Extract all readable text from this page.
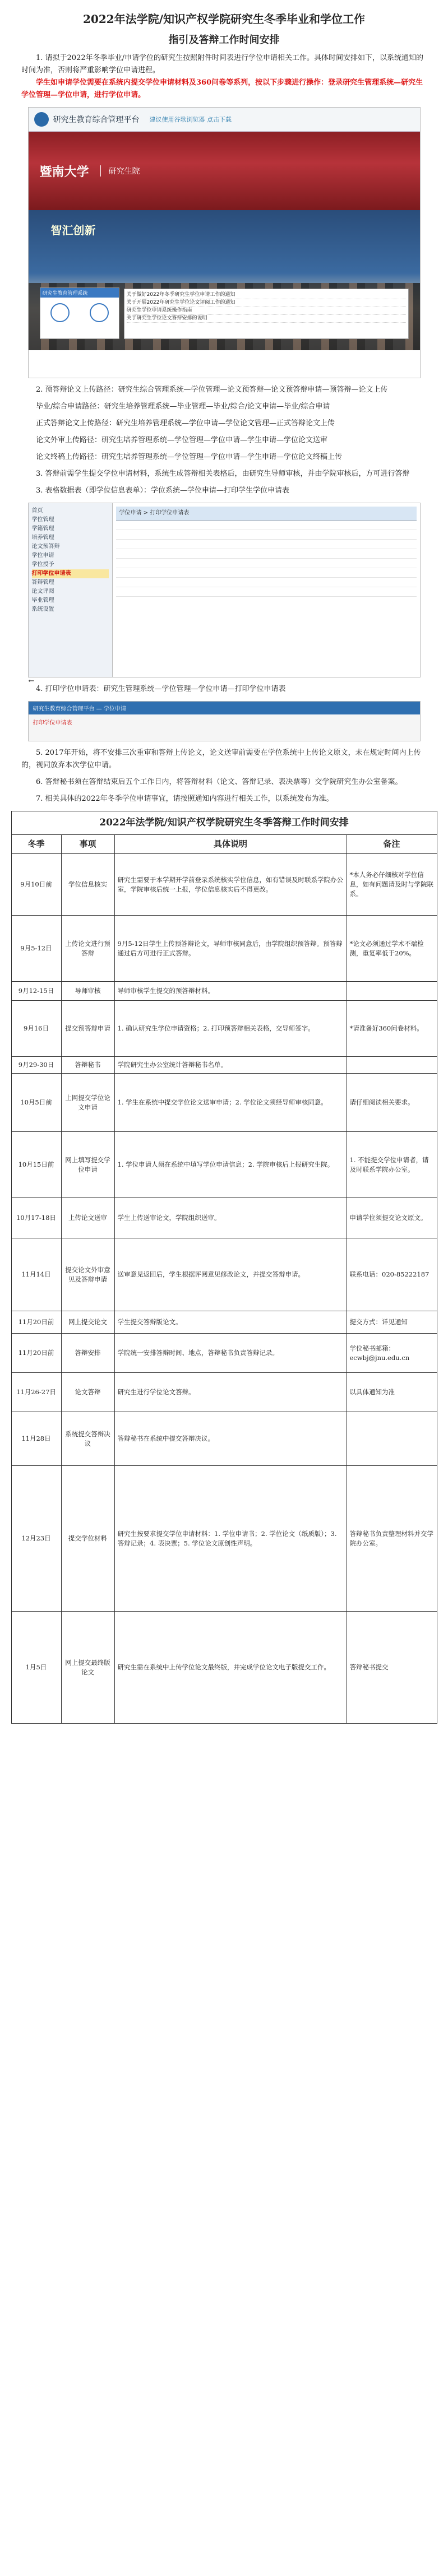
2022年法学院/知识产权学院研究生冬季毕业和学位工作
指引及答辩工作时间安排

1. 请拟于2022年冬季毕业/申请学位的研究生按照附件时间表进行学位申请相关工作。具体时间安排如下，以系统通知的时间为准，否则将严重影响学位申请进程。

学生如申请学位需要在系统内提交学位申请材料及360问卷等系列，按以下步骤进行操作：登录研究生管理系统—研究生学位管理—学位申请，进行学位申请。

研究生教育综合管理平台 建议使用谷歌浏览器 点击下载
暨南大学	研究生院
智汇创新
研究生教育管理系统	关于做好2022年冬季研究生学位申请工作的通知
关于开展2022年研究生学位论文评阅工作的通知
研究生学位申请系统操作指南
关于研究生学位论文答辩安排的说明

2. 预答辩论文上传路径：研究生综合管理系统—学位管理—论文预答辩—论文预答辩申请—预答辩—论文上传

毕业/综合申请路径：研究生培养管理系统—毕业管理—毕业/综合/论文申请—毕业/综合申请

正式答辩论文上传路径：研究生培养管理系统—学位申请—学位论文管理—正式答辩论文上传

论文外审上传路径：研究生培养管理系统—学位管理—学位申请—学生申请—学位论文送审

论文终稿上传路径：研究生培养管理系统—学位管理—学位申请—学生申请—学位论文终稿上传

3. 答辩前需学生提交学位申请材料，系统生成答辩相关表格后，由研究生导师审核，并由学院审核后，方可进行答辩

3. 表格数据表（即学位信息表单）：学位系统—学位申请—打印学生学位申请表

首页
学位管理
学籍管理
培养管理
论文预答辩
学位申请
学位授予
打印学位申请表
答辩管理
论文评阅
毕业管理
系统设置
学位申请 > 打印学位申请表
←

4. 打印学位申请表：研究生管理系统—学位管理—学位申请—打印学位申请表

研究生教育综合管理平台 — 学位申请
打印学位申请表

5. 2017年开始，将不安排三次重审和答辩上传论文，论文送审前需要在学位系统中上传论文原文，未在规定时间内上传的，视同放弃本次学位申请。

6. 答辩秘书须在答辩结束后五个工作日内，将答辩材料（论文、答辩记录、表决票等）交学院研究生办公室备案。

7. 相关具体的2022年冬季学位申请事宜，请按照通知内容进行相关工作，以系统发布为准。

2022年法学院/知识产权学院研究生冬季答辩工作时间安排			
冬季	事项	具体说明	备注
9月10日前	学位信息核实	研究生需要于本学期开学前登录系统核实学位信息，如有错误及时联系学院办公室，学院审核后统一上报，学位信息核实后不得更改。	*本人务必仔细核对学位信息，如有问题请及时与学院联系。
9月5-12日	上传论文进行预答辩	9月5-12日学生上传预答辩论文，导师审核同意后，由学院组织预答辩。预答辩通过后方可进行正式答辩。	*论文必须通过学术不端检测，重复率低于20%。
9月12-15日	导师审核	导师审核学生提交的预答辩材料。	
9月16日	提交预答辩申请	1. 确认研究生学位申请资格；2. 打印预答辩相关表格，交导师签字。	*请准备好360问卷材料。
9月29-30日	答辩秘书	学院研究生办公室统计答辩秘书名单。	
10月5日前	上网提交学位论文申请	1. 学生在系统中提交学位论文送审申请；2. 学位论文须经导师审核同意。	请仔细阅读相关要求。
10月15日前	网上填写提交学位申请	1. 学位申请人须在系统中填写学位申请信息；2. 学院审核后上报研究生院。	1. 不能提交学位申请者，请及时联系学院办公室。
10月17-18日	上传论文送审	学生上传送审论文，学院组织送审。	申请学位须提交论文原文。
11月14日	提交论文外审意见及答辩申请	送审意见返回后，学生根据评阅意见修改论文，并提交答辩申请。	联系电话：020-85222187
11月20日前	网上提交论文	学生提交答辩版论文。	提交方式：详见通知
11月20日前	答辩安排	学院统一安排答辩时间、地点，答辩秘书负责答辩记录。	学位秘书邮箱：ecwbj@jnu.edu.cn
11月26-27日	论文答辩	研究生进行学位论文答辩。	以具体通知为准
11月28日	系统提交答辩决议	答辩秘书在系统中提交答辩决议。	
12月23日	提交学位材料	研究生按要求提交学位申请材料：1. 学位申请书；2. 学位论文（纸质版）；3. 答辩记录；4. 表决票；5. 学位论文原创性声明。	答辩秘书负责整理材料并交学院办公室。
1月5日	网上提交最终版论文	研究生需在系统中上传学位论文最终版，并完成学位论文电子版提交工作。	答辩秘书提交
